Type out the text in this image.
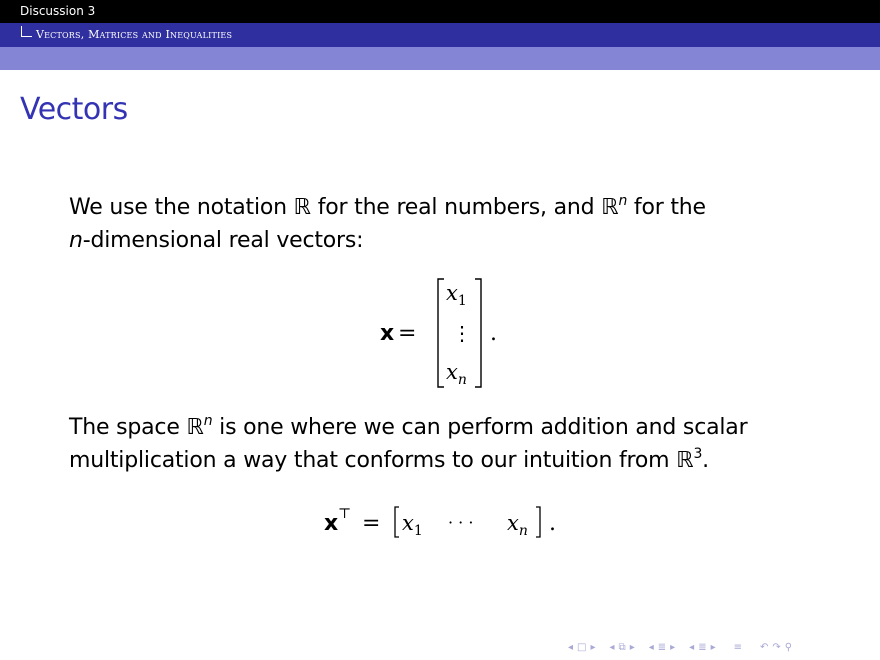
Discussion 3
Vectors, Matrices and Inequalities
Vectors
We use the notation ℝ for the real numbers, and ℝ$^n$ for the
n-dimensional real vectors:
x =
$x_1$
⋮
$x_n$
.
The space ℝ$^n$ is one where we can perform addition and scalar
multiplication a way that conforms to our intuition from ℝ$^3$.
x ⊤ = $x_1$ · · · $x_n$ .
◂ □ ▸ ◂ ⧉ ▸ ◂ ≣ ▸ ◂ ≣ ▸ ≡ ↶ ↷ ⚲
